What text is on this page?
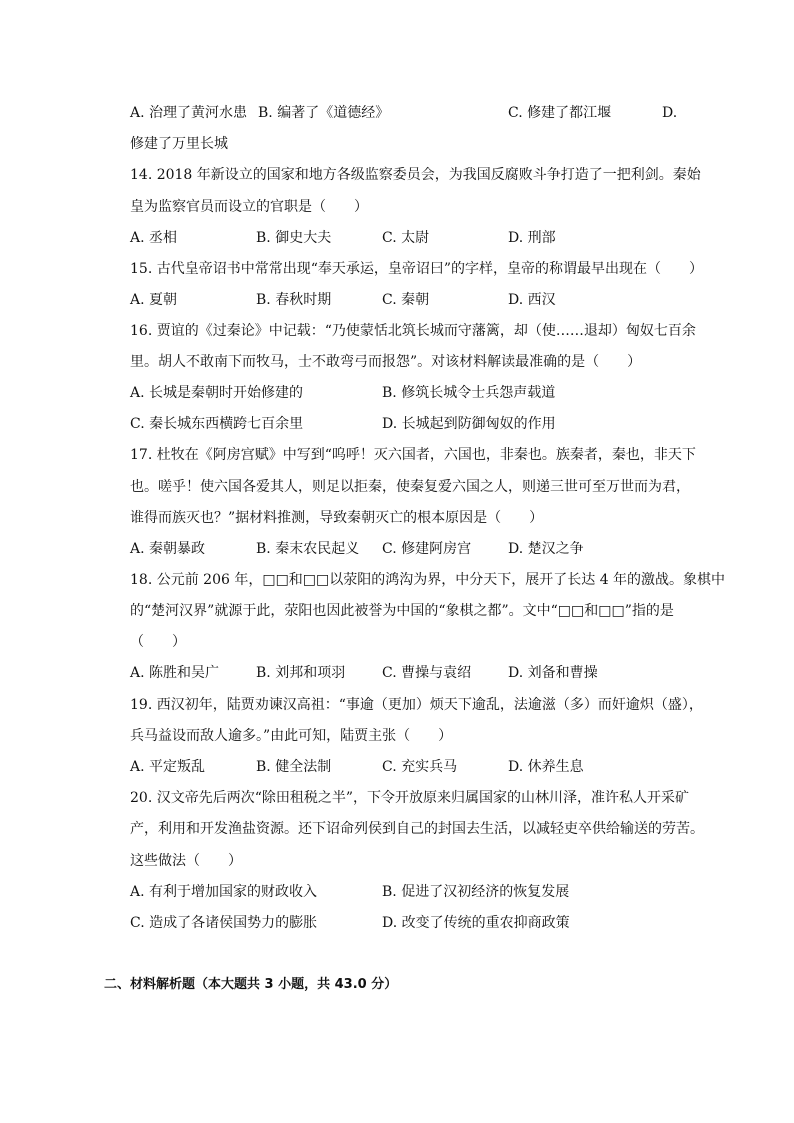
A. 治理了黄河水患 B. 编著了《道德经》	C. 修建了都江堰	D.
修建了万里长城
14. 2018 年新设立的国家和地方各级监察委员会，为我国反腐败斗争打造了一把利剑。秦始
皇为监察官员而设立的官职是（　　）
A. 丞相	B. 御史大夫	C. 太尉	D. 刑部
15. 古代皇帝诏书中常常出现“奉天承运，皇帝诏曰”的字样，皇帝的称谓最早出现在（　　）
A. 夏朝	B. 春秋时期	C. 秦朝	D. 西汉
16. 贾谊的《过秦论》中记载：“乃使蒙恬北筑长城而守藩篱，却（使……退却）匈奴七百余
里。胡人不敢南下而牧马，士不敢弯弓而报怨”。对该材料解读最准确的是（　　）
A. 长城是秦朝时开始修建的	B. 修筑长城令士兵怨声载道
C. 秦长城东西横跨七百余里	D. 长城起到防御匈奴的作用
17. 杜牧在《阿房宫赋》中写到“呜呼！灭六国者，六国也，非秦也。族秦者，秦也，非天下
也。嗟乎！使六国各爱其人，则足以拒秦，使秦复爱六国之人，则递三世可至万世而为君，
谁得而族灭也？”据材料推测，导致秦朝灭亡的根本原因是（　　）
A. 秦朝暴政	B. 秦末农民起义 C. 修建阿房宫	D. 楚汉之争
18. 公元前 206 年，□□和□□以荥阳的鸿沟为界，中分天下，展开了长达 4 年的激战。象棋中
的“楚河汉界”就源于此，荥阳也因此被誉为中国的“象棋之都”。文中“□□和□□”指的是
（　　）
A. 陈胜和吴广	B. 刘邦和项羽	C. 曹操与袁绍	D. 刘备和曹操
19. 西汉初年，陆贾劝谏汉高祖：“事逾（更加）烦天下逾乱，法逾滋（多）而奸逾炽（盛），
兵马益设而敌人逾多。”由此可知，陆贾主张（　　）
A. 平定叛乱	B. 健全法制	C. 充实兵马	D. 休养生息
20. 汉文帝先后两次“除田租税之半”，下令开放原来归属国家的山林川泽，准许私人开采矿
产，利用和开发渔盐资源。还下诏命列侯到自己的封国去生活，以减轻吏卒供给输送的劳苦。
这些做法（　　）
A. 有利于增加国家的财政收入	B. 促进了汉初经济的恢复发展
C. 造成了各诸侯国势力的膨胀	D. 改变了传统的重农抑商政策
二、材料解析题（本大题共 3 小题，共 43.0 分）
